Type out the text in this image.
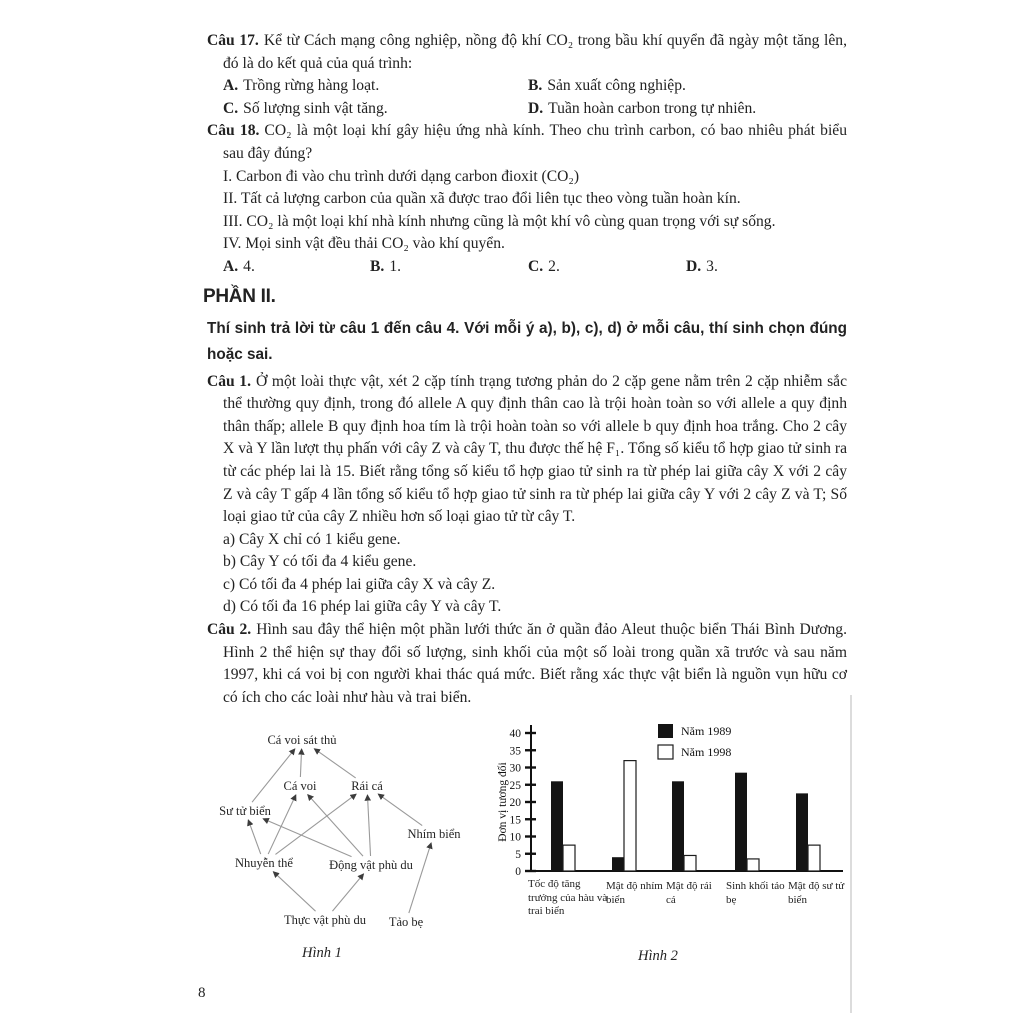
Câu 17. Kể từ Cách mạng công nghiệp, nồng độ khí CO₂ trong bầu khí quyển đã ngày một tăng lên, đó là do kết quả của quá trình:

A. Trồng rừng hàng loạt.	B. Sản xuất công nghiệp.
C. Số lượng sinh vật tăng.	D. Tuần hoàn carbon trong tự nhiên.

Câu 18. CO₂ là một loại khí gây hiệu ứng nhà kính. Theo chu trình carbon, có bao nhiêu phát biểu sau đây đúng?

I. Carbon đi vào chu trình dưới dạng carbon đioxit (CO₂)

II. Tất cả lượng carbon của quần xã được trao đổi liên tục theo vòng tuần hoàn kín.

III. CO₂ là một loại khí nhà kính nhưng cũng là một khí vô cùng quan trọng với sự sống.

IV. Mọi sinh vật đều thải CO₂ vào khí quyển.

A. 4.	B. 1.	C. 2.	D. 3.

PHẦN II.

Thí sinh trả lời từ câu 1 đến câu 4. Với mỗi ý a), b), c), d) ở mỗi câu, thí sinh chọn đúng hoặc sai.

Câu 1. Ở một loài thực vật, xét 2 cặp tính trạng tương phản do 2 cặp gene nằm trên 2 cặp nhiễm sắc thể thường quy định, trong đó allele A quy định thân cao là trội hoàn toàn so với allele a quy định thân thấp; allele B quy định hoa tím là trội hoàn toàn so với allele b quy định hoa trắng. Cho 2 cây X và Y lần lượt thụ phấn với cây Z và cây T, thu được thế hệ F₁. Tổng số kiểu tổ hợp giao tử sinh ra từ các phép lai là 15. Biết rằng tổng số kiểu tổ hợp giao tử sinh ra từ phép lai giữa cây X với 2 cây Z và cây T gấp 4 lần tổng số kiểu tổ hợp giao tử sinh ra từ phép lai giữa cây Y với 2 cây Z và T; Số loại giao tử của cây Z nhiều hơn số loại giao tử từ cây T.

a) Cây X chỉ có 1 kiểu gene.

b) Cây Y có tối đa 4 kiểu gene.

c) Có tối đa 4 phép lai giữa cây X và cây Z.

d) Có tối đa 16 phép lai giữa cây Y và cây T.

Câu 2. Hình sau đây thể hiện một phần lưới thức ăn ở quần đảo Aleut thuộc biển Thái Bình Dương. Hình 2 thể hiện sự thay đổi số lượng, sinh khối của một số loài trong quần xã trước và sau năm 1997, khi cá voi bị con người khai thác quá mức. Biết rằng xác thực vật biển là nguồn vụn hữu cơ có ích cho các loài như hàu và trai biển.

Cá voi sát thủ
Cá voi	Rái cá
Sư tử biển
Nhím biển
Nhuyễn thể	Động vật phù du
Thực vật phù du Tảo bẹ
Hình 1
Đơn vị tương đối
0
5
10
15
20
25
30
35
40	Năm 1989
Năm 1998
Tốc độ tăng trưởng của hàu và trai biển
Mật độ nhím biển
Mật độ rái cá
Sinh khối tảo bẹ
Mật độ sư tử biển
Hình 2
8
